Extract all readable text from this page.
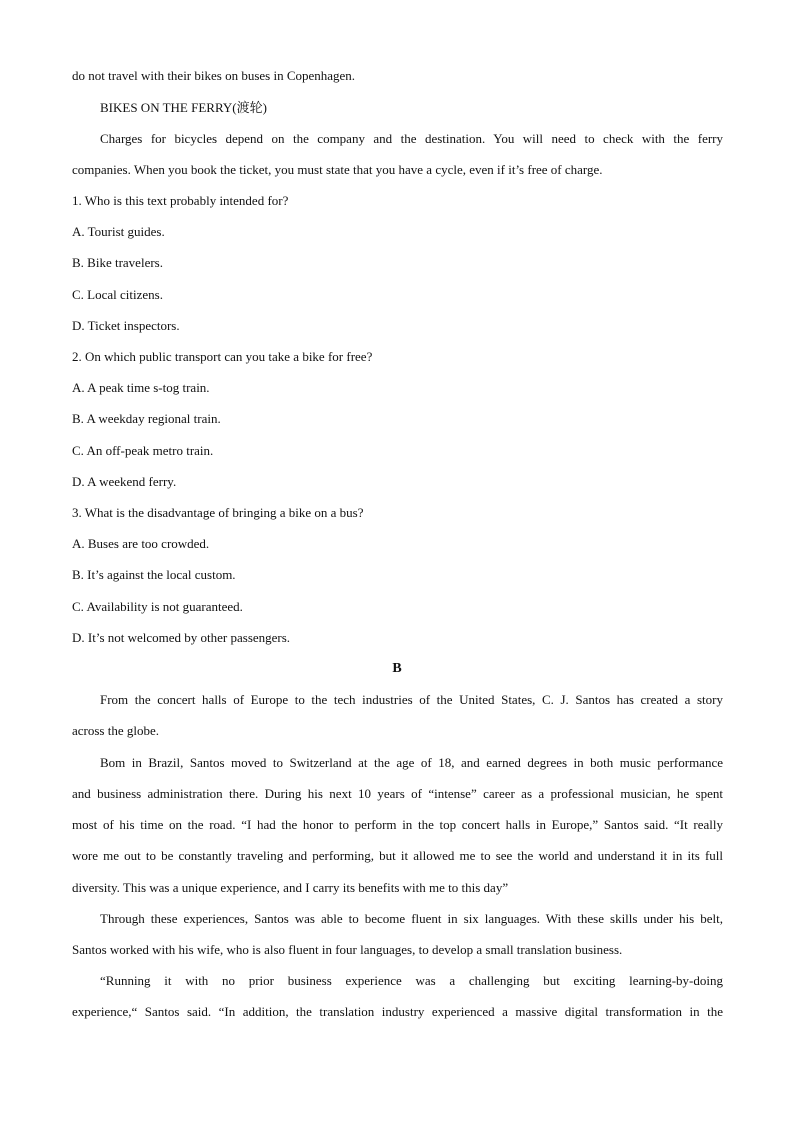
do not travel with their bikes on buses in Copenhagen.
BIKES ON THE FERRY(渡轮)
Charges for bicycles depend on the company and the destination. You will need to check with the ferry
companies. When you book the ticket, you must state that you have a cycle, even if it’s free of charge.
1. Who is this text probably intended for?
A. Tourist guides.
B. Bike travelers.
C. Local citizens.
D. Ticket inspectors.
2. On which public transport can you take a bike for free?
A. A peak time s-tog train.
B. A weekday regional train.
C. An off-peak metro train.
D. A weekend ferry.
3. What is the disadvantage of bringing a bike on a bus?
A. Buses are too crowded.
B. It’s against the local custom.
C. Availability is not guaranteed.
D. It’s not welcomed by other passengers.
B
From the concert halls of Europe to the tech industries of the United States, C. J. Santos has created a story
across the globe.
Bom in Brazil, Santos moved to Switzerland at the age of 18, and earned degrees in both music performance
and business administration there. During his next 10 years of “intense” career as a professional musician, he spent
most of his time on the road. “I had the honor to perform in the top concert halls in Europe,” Santos said. “It really
wore me out to be constantly traveling and performing, but it allowed me to see the world and understand it in its full
diversity. This was a unique experience, and I carry its benefits with me to this day”
Through these experiences, Santos was able to become fluent in six languages. With these skills under his belt,
Santos worked with his wife, who is also fluent in four languages, to develop a small translation business.
“Running it with no prior business experience was a challenging but exciting learning-by-doing
experience,“ Santos said. “In addition, the translation industry experienced a massive digital transformation in the
